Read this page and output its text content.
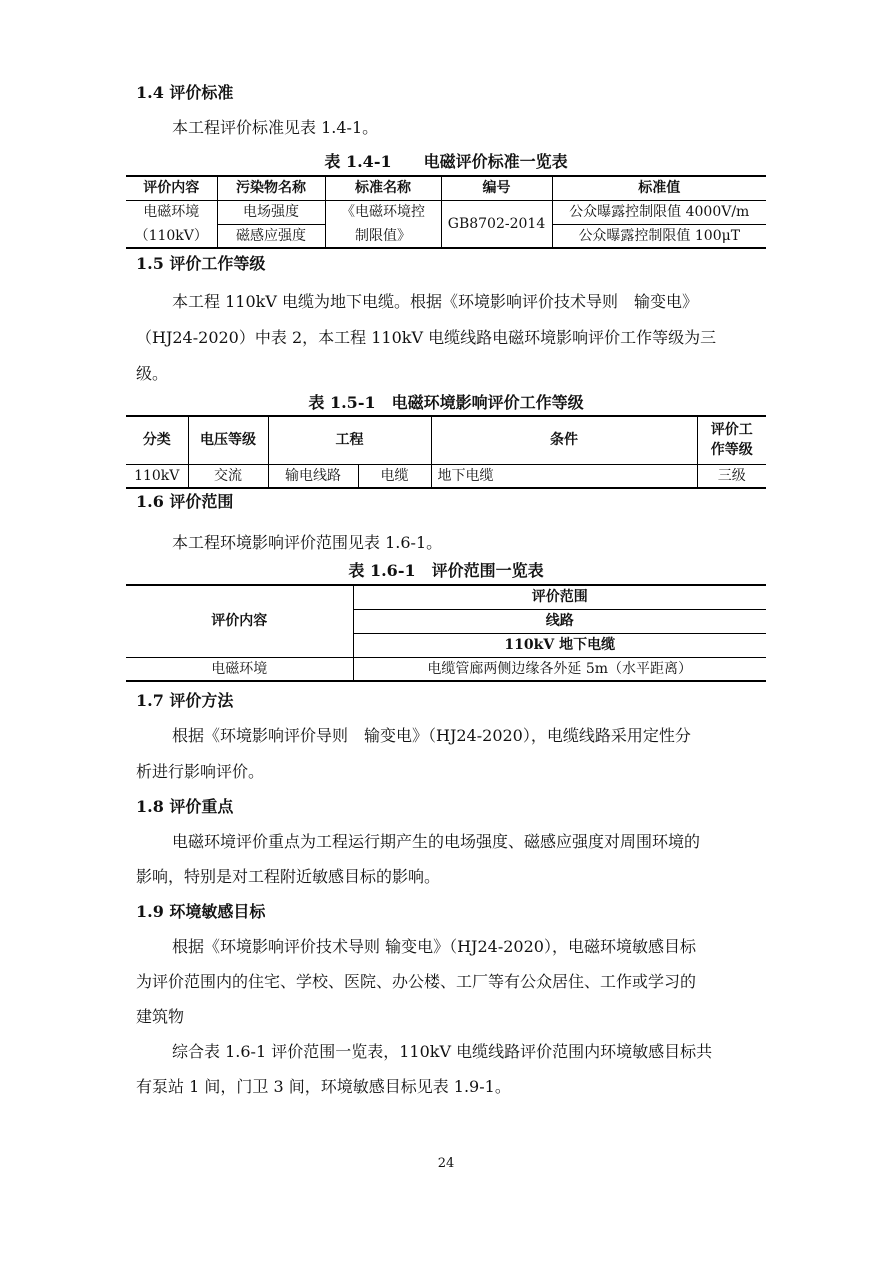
1.4 评价标准
本工程评价标准见表 1.4-1。
表 1.4-1　　电磁评价标准一览表
评价内容	污染物名称	标准名称	编号	标准值
电磁环境	电场强度	《电磁环境控	GB8702-2014	公众曝露控制限值 4000V/m
（110kV）	磁感应强度	制限值》		公众曝露控制限值 100μT
1.5 评价工作等级
本工程 110kV 电缆为地下电缆。根据《环境影响评价技术导则　输变电》
（HJ24-2020）中表 2，本工程 110kV 电缆线路电磁环境影响评价工作等级为三
级。
表 1.5-1　电磁环境影响评价工作等级
分类	电压等级	工程		条件	评价工
作等级
110kV	交流	输电线路	电缆	地下电缆	三级
1.6 评价范围
本工程环境影响评价范围见表 1.6-1。
表 1.6-1　评价范围一览表
评价内容	评价范围
	线路
	110kV 地下电缆
电磁环境	电缆管廊两侧边缘各外延 5m（水平距离）
1.7 评价方法
根据《环境影响评价导则　输变电》（HJ24-2020），电缆线路采用定性分
析进行影响评价。
1.8 评价重点
电磁环境评价重点为工程运行期产生的电场强度、磁感应强度对周围环境的
影响，特别是对工程附近敏感目标的影响。
1.9 环境敏感目标
根据《环境影响评价技术导则 输变电》（HJ24-2020），电磁环境敏感目标
为评价范围内的住宅、学校、医院、办公楼、工厂等有公众居住、工作或学习的
建筑物
综合表 1.6-1 评价范围一览表，110kV 电缆线路评价范围内环境敏感目标共
有泵站 1 间，门卫 3 间，环境敏感目标见表 1.9-1。
24
